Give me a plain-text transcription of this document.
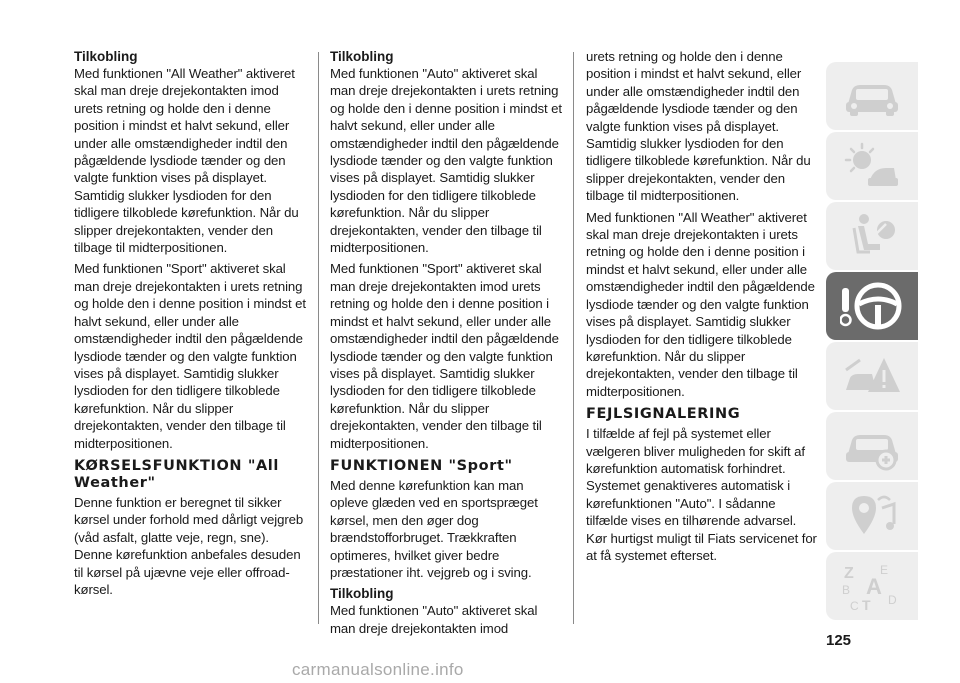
Tilkobling

Med funktionen "All Weather" aktiveret skal man dreje drejekontakten imod urets retning og holde den i denne position i mindst et halvt sekund, eller under alle omstændigheder indtil den pågældende lysdiode tænder og den valgte funktion vises på displayet. Samtidig slukker lysdioden for den tidligere tilkoblede kørefunktion. Når du slipper drejekontakten, vender den tilbage til midterpositionen.

Med funktionen "Sport" aktiveret skal man dreje drejekontakten i urets retning og holde den i denne position i mindst et halvt sekund, eller under alle omstændigheder indtil den pågældende lysdiode tænder og den valgte funktion vises på displayet. Samtidig slukker lysdioden for den tidligere tilkoblede kørefunktion. Når du slipper drejekontakten, vender den tilbage til midterpositionen.

KØRSELSFUNKTION "All Weather"

Denne funktion er beregnet til sikker kørsel under forhold med dårligt vejgreb (våd asfalt, glatte veje, regn, sne). Denne kørefunktion anbefales desuden til kørsel på ujævne veje eller offroad-kørsel.

Tilkobling

Med funktionen "Auto" aktiveret skal man dreje drejekontakten i urets retning og holde den i denne position i mindst et halvt sekund, eller under alle omstændigheder indtil den pågældende lysdiode tænder og den valgte funktion vises på displayet. Samtidig slukker lysdioden for den tidligere tilkoblede kørefunktion. Når du slipper drejekontakten, vender den tilbage til midterpositionen.

Med funktionen "Sport" aktiveret skal man dreje drejekontakten imod urets retning og holde den i denne position i mindst et halvt sekund, eller under alle omstændigheder indtil den pågældende lysdiode tænder og den valgte funktion vises på displayet. Samtidig slukker lysdioden for den tidligere tilkoblede kørefunktion. Når du slipper drejekontakten, vender den tilbage til midterpositionen.

FUNKTIONEN "Sport"

Med denne kørefunktion kan man opleve glæden ved en sportspræget kørsel, men den øger dog brændstofforbruget. Trækkraften optimeres, hvilket giver bedre præstationer iht. vejgreb og i sving.

Tilkobling

Med funktionen "Auto" aktiveret skal man dreje drejekontakten imod

urets retning og holde den i denne position i mindst et halvt sekund, eller under alle omstændigheder indtil den pågældende lysdiode tænder og den valgte funktion vises på displayet. Samtidig slukker lysdioden for den tidligere tilkoblede kørefunktion. Når du slipper drejekontakten, vender den tilbage til midterpositionen.

Med funktionen "All Weather" aktiveret skal man dreje drejekontakten i urets retning og holde den i denne position i mindst et halvt sekund, eller under alle omstændigheder indtil den pågældende lysdiode tænder og den valgte funktion vises på displayet. Samtidig slukker lysdioden for den tidligere tilkoblede kørefunktion. Når du slipper drejekontakten, vender den tilbage til midterpositionen.

FEJLSIGNALERING

I tilfælde af fejl på systemet eller vælgeren bliver muligheden for skift af kørefunktion automatisk forhindret. Systemet genaktiveres automatisk i kørefunktionen "Auto". I sådanne tilfælde vises en tilhørende advarsel. Kør hurtigst muligt til Fiats servicenet for at få systemet efterset.

Z E
B A
C T D
125
carmanualsonline.info
